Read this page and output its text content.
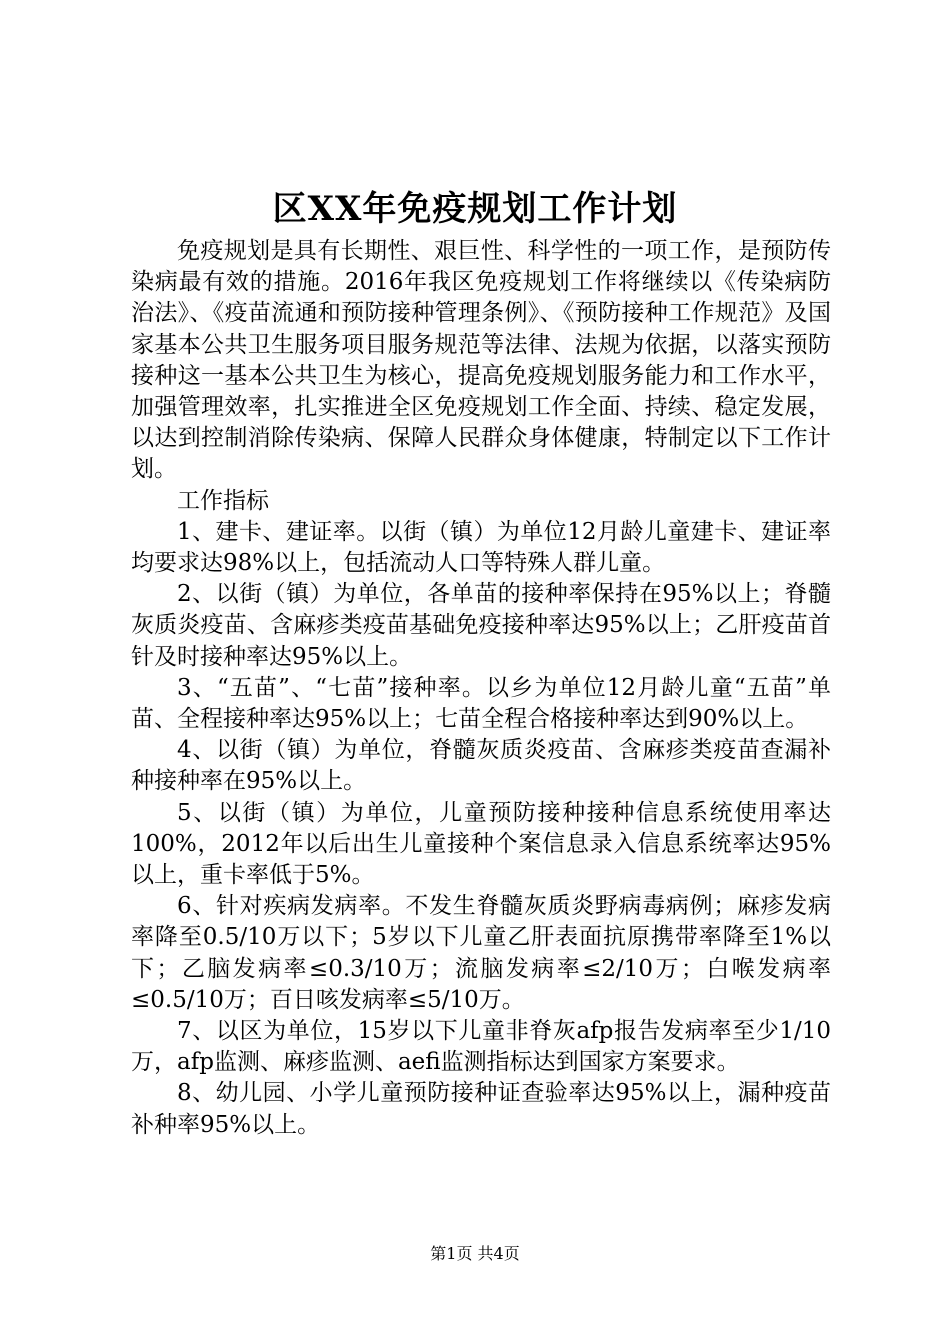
区XX年免疫规划工作计划

免疫规划是具有长期性、艰巨性、科学性的一项工作，是预防传染病最有效的措施。2016年我区免疫规划工作将继续以《传染病防治法》、《疫苗流通和预防接种管理条例》、《预防接种工作规范》及国家基本公共卫生服务项目服务规范等法律、法规为依据，以落实预防接种这一基本公共卫生为核心，提高免疫规划服务能力和工作水平，加强管理效率，扎实推进全区免疫规划工作全面、持续、稳定发展，以达到控制消除传染病、保障人民群众身体健康，特制定以下工作计划。

工作指标

1、建卡、建证率。以街（镇）为单位12月龄儿童建卡、建证率均要求达98%以上，包括流动人口等特殊人群儿童。

2、以街（镇）为单位，各单苗的接种率保持在95%以上；脊髓灰质炎疫苗、含麻疹类疫苗基础免疫接种率达95%以上；乙肝疫苗首针及时接种率达95%以上。

3、“五苗”、“七苗”接种率。以乡为单位12月龄儿童“五苗”单苗、全程接种率达95%以上；七苗全程合格接种率达到90%以上。

4、以街（镇）为单位，脊髓灰质炎疫苗、含麻疹类疫苗查漏补种接种率在95%以上。

5、以街（镇）为单位，儿童预防接种接种信息系统使用率达100%，2012年以后出生儿童接种个案信息录入信息系统率达95%以上，重卡率低于5%。

6、针对疾病发病率。不发生脊髓灰质炎野病毒病例；麻疹发病率降至0.5/10万以下；5岁以下儿童乙肝表面抗原携带率降至1%以下；乙脑发病率≤0.3/10万；流脑发病率≤2/10万；白喉发病率≤0.5/10万；百日咳发病率≤5/10万。

7、以区为单位，15岁以下儿童非脊灰afp报告发病率至少1/10万，afp监测、麻疹监测、aefi监测指标达到国家方案要求。

8、幼儿园、小学儿童预防接种证查验率达95%以上，漏种疫苗补种率95%以上。

第1页 共4页
